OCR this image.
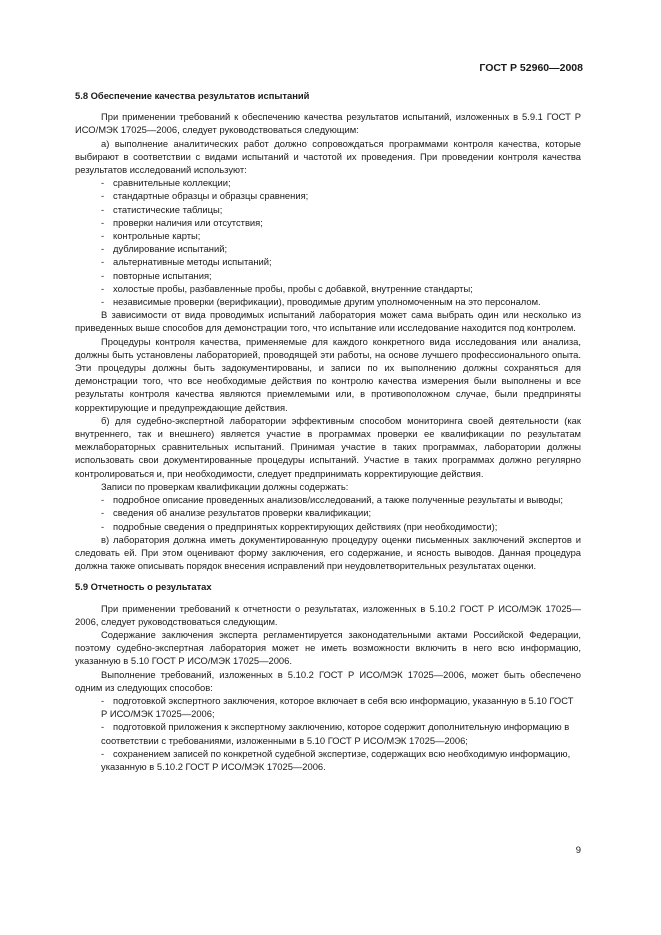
ГОСТ Р 52960—2008
5.8 Обеспечение качества результатов испытаний

При применении требований к обеспечению качества результатов испытаний, изложенных в 5.9.1 ГОСТ Р ИСО/МЭК 17025—2006, следует руководствоваться следующим:

а) выполнение аналитических работ должно сопровождаться программами контроля качества, которые выбирают в соответствии с видами испытаний и частотой их проведения. При проведении контроля качества результатов исследований используют:

- сравнительные коллекции;
- стандартные образцы и образцы сравнения;
- статистические таблицы;
- проверки наличия или отсутствия;
- контрольные карты;
- дублирование испытаний;
- альтернативные методы испытаний;
- повторные испытания;
- холостые пробы, разбавленные пробы, пробы с добавкой, внутренние стандарты;
- независимые проверки (верификации), проводимые другим уполномоченным на это персоналом.

В зависимости от вида проводимых испытаний лаборатория может сама выбрать один или несколько из приведенных выше способов для демонстрации того, что испытание или исследование находится под контролем.

Процедуры контроля качества, применяемые для каждого конкретного вида исследования или анализа, должны быть установлены лабораторией, проводящей эти работы, на основе лучшего профессионального опыта. Эти процедуры должны быть задокументированы, и записи по их выполнению должны сохраняться для демонстрации того, что все необходимые действия по контролю качества измерения были выполнены и все результаты контроля качества являются приемлемыми или, в противоположном случае, были предприняты корректирующие и предупреждающие действия.

б) для судебно-экспертной лаборатории эффективным способом мониторинга своей деятельности (как внутреннего, так и внешнего) является участие в программах проверки ее квалификации по результатам межлабораторных сравнительных испытаний. Принимая участие в таких программах, лаборатории должны использовать свои документированные процедуры испытаний. Участие в таких программах должно регулярно контролироваться и, при необходимости, следует предпринимать корректирующие действия.

Записи по проверкам квалификации должны содержать:

- подробное описание проведенных анализов/исследований, а также полученные результаты и выводы;
- сведения об анализе результатов проверки квалификации;
- подробные сведения о предпринятых корректирующих действиях (при необходимости);

в) лаборатория должна иметь документированную процедуру оценки письменных заключений экспертов и следовать ей. При этом оценивают форму заключения, его содержание, и ясность выводов. Данная процедура должна также описывать порядок внесения исправлений при неудовлетворительных результатах оценки.

5.9 Отчетность о результатах

При применении требований к отчетности о результатах, изложенных в 5.10.2 ГОСТ Р ИСО/МЭК 17025—2006, следует руководствоваться следующим.

Содержание заключения эксперта регламентируется законодательными актами Российской Федерации, поэтому судебно-экспертная лаборатория может не иметь возможности включить в него всю информацию, указанную в 5.10 ГОСТ Р ИСО/МЭК 17025—2006.

Выполнение требований, изложенных в 5.10.2 ГОСТ Р ИСО/МЭК 17025—2006, может быть обеспечено одним из следующих способов:

- подготовкой экспертного заключения, которое включает в себя всю информацию, указанную в 5.10 ГОСТ Р ИСО/МЭК 17025—2006;
- подготовкой приложения к экспертному заключению, которое содержит дополнительную информацию в соответствии с требованиями, изложенными в 5.10 ГОСТ Р ИСО/МЭК 17025—2006;
- сохранением записей по конкретной судебной экспертизе, содержащих всю необходимую информацию, указанную в 5.10.2 ГОСТ Р ИСО/МЭК 17025—2006.
9
